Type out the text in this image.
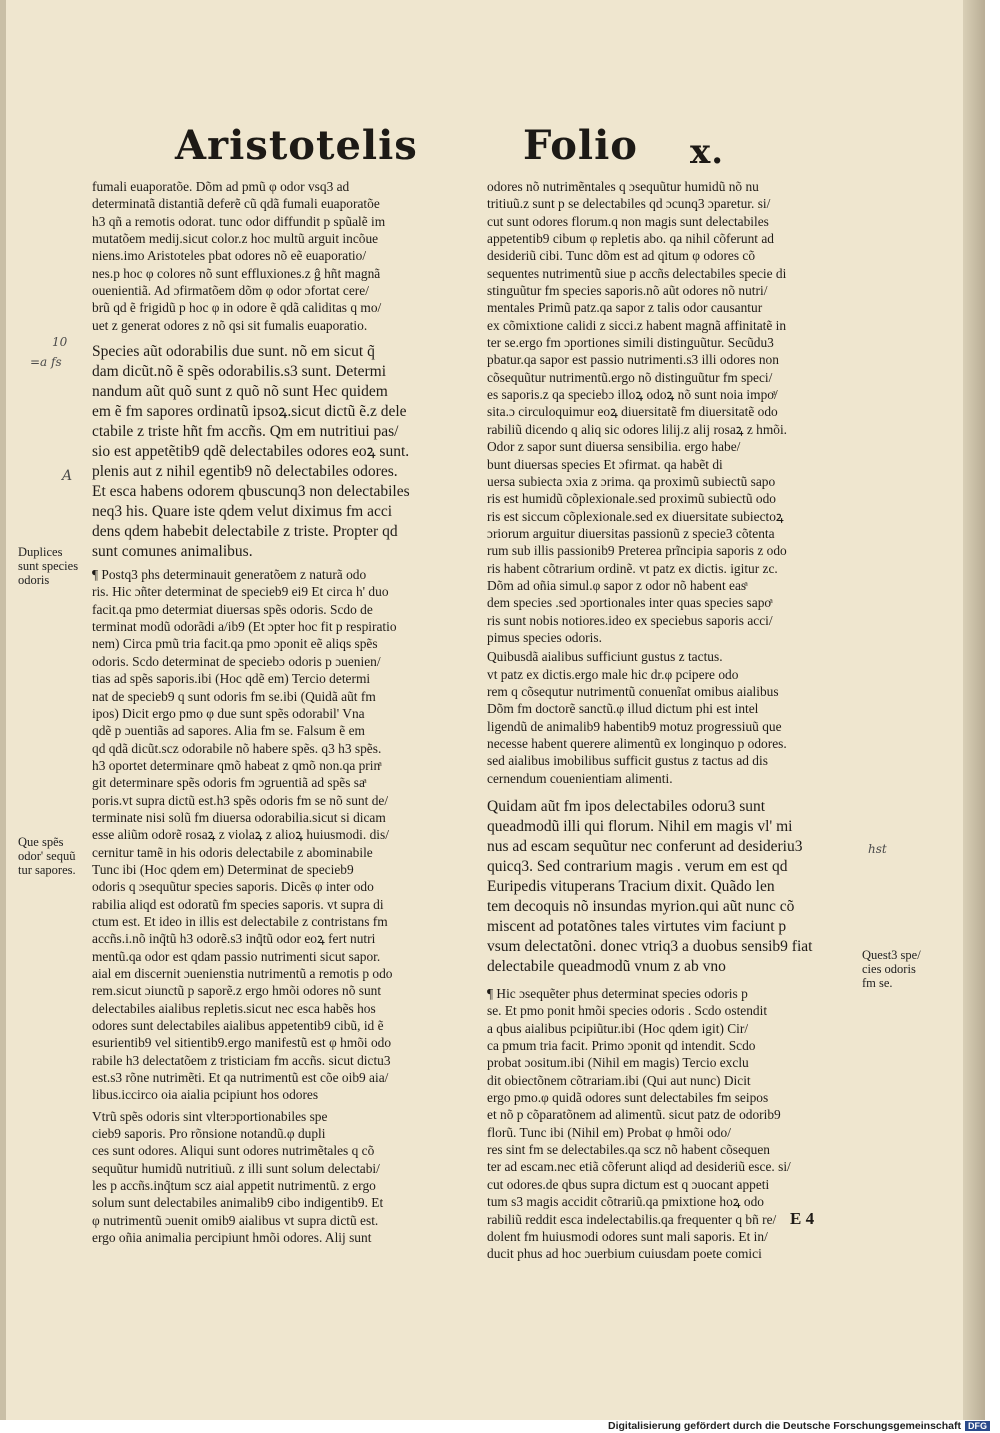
Aristotelis	Folio x.

fumali euaporatõe. Dõm ad pmũ φ odor vsq3 ad
determinatã distantiã deferẽ cũ qdã fumali euaporatõe
h3 qñ a remotis odorat. tunc odor diffundit p spũalẽ im
mutatõem medij.sicut color.z hoc multũ arguit incõue
niens.imo Aristoteles pbat odores nõ eẽ euaporatio/
nes.p hoc φ colores nõ sunt effluxiones.z ĝ hñt magnã
ouenientiã. Ad ɔfirmatõem dõm φ odor ɔfortat cere/
brũ qd ẽ frigidũ p hoc φ in odore ẽ qdã caliditas q mo/
uet z generat odores z nõ qsi sit fumalis euaporatio.

Species aũt odorabilis due sunt. nõ em sicut q̃
dam dicũt.nõ ẽ spẽs odorabilis.s3 sunt. Determi
nandum aũt quõ sunt z quõ nõ sunt Hec quidem
em ẽ fm sapores ordinatũ ipsoꝝ.sicut dictũ ẽ.z dele
ctabile z triste hñt fm accñs. Qm em nutritiui pas/
sio est appetẽtib9 qdẽ delectabiles odores eoꝝ sunt.
plenis aut z nihil egentib9 nõ delectabiles odores.
Et esca habens odorem qbuscunq3 non delectabiles
neq3 his. Quare iste qdem velut diximus fm acci
dens qdem habebit delectabile z triste. Propter qd
sunt comunes animalibus.

¶ Postq3 phs determinauit generatõem z naturã odo
ris. Hic ɔñter determinat de specieb9 ei9 Et circa h' duo
facit.qa pmo determiat diuersas spẽs odoris. Scdo de
terminat modũ odorãdi a/ib9 (Et ɔpter hoc fit p respiratio
nem) Circa pmũ tria facit.qa pmo ɔponit eẽ aliqs spẽs
odoris. Scdo determinat de speciebɔ odoris p ɔuenien/
tias ad spẽs saporis.ibi (Hoc qdẽ em) Tercio determi
nat de specieb9 q sunt odoris fm se.ibi (Quidã aũt fm
ipos) Dicit ergo pmo φ due sunt spẽs odorabil' Vna
qdẽ p ɔuentiãs ad sapores. Alia fm se. Falsum ẽ em
qd qdã dicũt.scz odorabile nõ habere spẽs. q3 h3 spẽs.
h3 oportet determinare qmõ habeat z qmõ non.qa prinͣ
git determinare spẽs odoris fm ɔgruentiã ad spẽs saͣ
poris.vt supra dictũ est.h3 spẽs odoris fm se nõ sunt de/
terminate nisi solũ fm diuersa odorabilia.sicut si dicam
esse aliũm odorẽ rosaꝝ z violaꝝ z alioꝝ huiusmodi. dis/
cernitur tamẽ in his odoris delectabile z abominabile

Tunc ibi (Hoc qdem em) Determinat de specieb9
odoris q ɔsequũtur species saporis. Dicẽs φ inter odo
rabilia aliqd est odoratũ fm species saporis. vt supra di
ctum est. Et ideo in illis est delectabile z contristans fm
accñs.i.nõ inq̃tũ h3 odorẽ.s3 inq̃tũ odor eoꝝ fert nutri
mentũ.qa odor est qdam passio nutrimenti sicut sapor.
aial em discernit ɔuenienstia nutrimentũ a remotis p odo
rem.sicut ɔiunctũ p saporẽ.z ergo hmõi odores nõ sunt
delectabiles aialibus repletis.sicut nec esca habẽs hos
odores sunt delectabiles aialibus appetentib9 cibũ, id ẽ
esurientib9 vel sitientib9.ergo manifestũ est φ hmõi odo
rabile h3 delectatõem z tristiciam fm accñs. sicut dictu3
est.s3 rõne nutrimẽti. Et qa nutrimentũ est cõe oib9 aia/
libus.iccirco oia aialia pcipiunt hos odores

Vtrũ spẽs odoris sint vlterɔportionabiles spe
cieb9 saporis. Pro rõnsione notandũ.φ dupli
ces sunt odores. Aliqui sunt odores nutrimẽtales q cõ
sequũtur humidũ nutritiuũ. z illi sunt solum delectabi/
les p accñs.inq̃tum scz aial appetit nutrimentũ. z ergo
solum sunt delectabiles animalib9 cibo indigentib9. Et
φ nutrimentũ ɔuenit omib9 aialibus vt supra dictũ est.
ergo oñia animalia percipiunt hmõi odores. Alij sunt

odores nõ nutrimẽntales q ɔsequũtur humidũ nõ nu
tritiuũ.z sunt p se delectabiles qd ɔcunq3 ɔparetur. si/
cut sunt odores florum.q non magis sunt delectabiles
appetentib9 cibum φ repletis abo. qa nihil cõferunt ad
desideriũ cibi. Tunc dõm est ad qitum φ odores cõ
sequentes nutrimentũ siue p accñs delectabiles specie di
stinguũtur fm species saporis.nõ aũt odores nõ nutri/
mentales Primũ patz.qa sapor z talis odor causantur
ex cõmixtione calidi z sicci.z habent magnã affinitatẽ in
ter se.ergo fm ɔportiones simili distinguũtur. Secũdu3
pbatur.qa sapor est passio nutrimenti.s3 illi odores non
cõsequũtur nutrimentũ.ergo nõ distinguũtur fm speci/
es saporis.z qa speciebɔ illoꝝ odoꝝ nõ sunt noia impoͣ/
sita.ɔ circuloquimur eoꝝ diuersitatẽ fm diuersitatẽ odo
rabiliũ dicendo q aliq sic odores lilij.z alij rosaꝝ z hmõi.

Odor z sapor sunt diuersa sensibilia. ergo habe/
bunt diuersas species Et ɔfirmat. qa habẽt di
uersa subiecta ɔxia z ɔrima. qa proximũ subiectũ sapo
ris est humidũ cõplexionale.sed proximũ subiectũ odo
ris est siccum cõplexionale.sed ex diuersitate subiectoꝝ
ɔriorum arguitur diuersitas passionũ z specie3 cõtenta
rum sub illis passionib9 Preterea prĩncipia saporis z odo
ris habent cõtrarium ordinẽ. vt patz ex dictis. igitur zc.

Dõm ad oñia simul.φ sapor z odor nõ habent easͣ
dem species .sed ɔportionales inter quas species sapoͣ
ris sunt nobis notiores.ideo ex speciebus saporis acci/
pimus species odoris.

Quibusdã aialibus sufficiunt gustus z tactus.
vt patz ex dictis.ergo male hic dr.φ pcipere odo
rem q cõsequtur nutrimentũ conuenĩat omibus aialibus
Dõm fm doctorẽ sanctũ.φ illud dictum phi est intel
ligendũ de animalib9 habentib9 motuz progressiuũ que
necesse habent querere alimentũ ex longinquo p odores.
sed aialibus imobilibus sufficit gustus z tactus ad dis
cernendum couenientiam alimenti.

Quidam aũt fm ipos delectabiles odoru3 sunt
queadmodũ illi qui florum. Nihil em magis vl' mi
nus ad escam sequũtur nec conferunt ad desideriu3
quicq3. Sed contrarium magis . verum em est qd
Euripedis vituperans Tracium dixit. Quãdo len
tem decoquis nõ insundas myrion.qui aũt nunc cõ
miscent ad potatõnes tales virtutes vim faciunt p
vsum delectatõni. donec vtriq3 a duobus sensib9 fiat
delectabile queadmodũ vnum z ab vno

¶ Hic ɔsequẽter phus determinat species odoris p
se. Et pmo ponit hmõi species odoris . Scdo ostendit
a qbus aialibus pcipiũtur.ibi (Hoc qdem igit) Cir/
ca pmum tria facit. Primo ɔponit qd intendit. Scdo
probat ɔositum.ibi (Nihil em magis) Tercio exclu
dit obiectõnem cõtrariam.ibi (Qui aut nunc) Dicit
ergo pmo.φ quidã odores sunt delectabiles fm seipos
et nõ p cõparatõnem ad alimentũ. sicut patz de odorib9
florũ. Tunc ibi (Nihil em) Probat φ hmõi odo/
res sint fm se delectabiles.qa scz nõ habent cõsequen
ter ad escam.nec etiã cõferunt aliqd ad desideriũ esce. si/
cut odores.de qbus supra dictum est q ɔuocant appeti
tum s3 magis accidit cõtrariũ.qa pmixtione hoꝝ odo
rabiliũ reddit esca indelectabilis.qa frequenter q bñ re/
dolent fm huiusmodi odores sunt mali saporis. Et in/
ducit phus ad hoc ɔuerbium cuiusdam poete comici

E 4
Duplices
sunt species
odoris
Que spẽs
odor' sequũ
tur sapores.
Quest3 spe/
cies odoris
fm se.
10
=a fs
A
hst
Digitalisierung gefördert durch die Deutsche Forschungsgemeinschaft DFG
